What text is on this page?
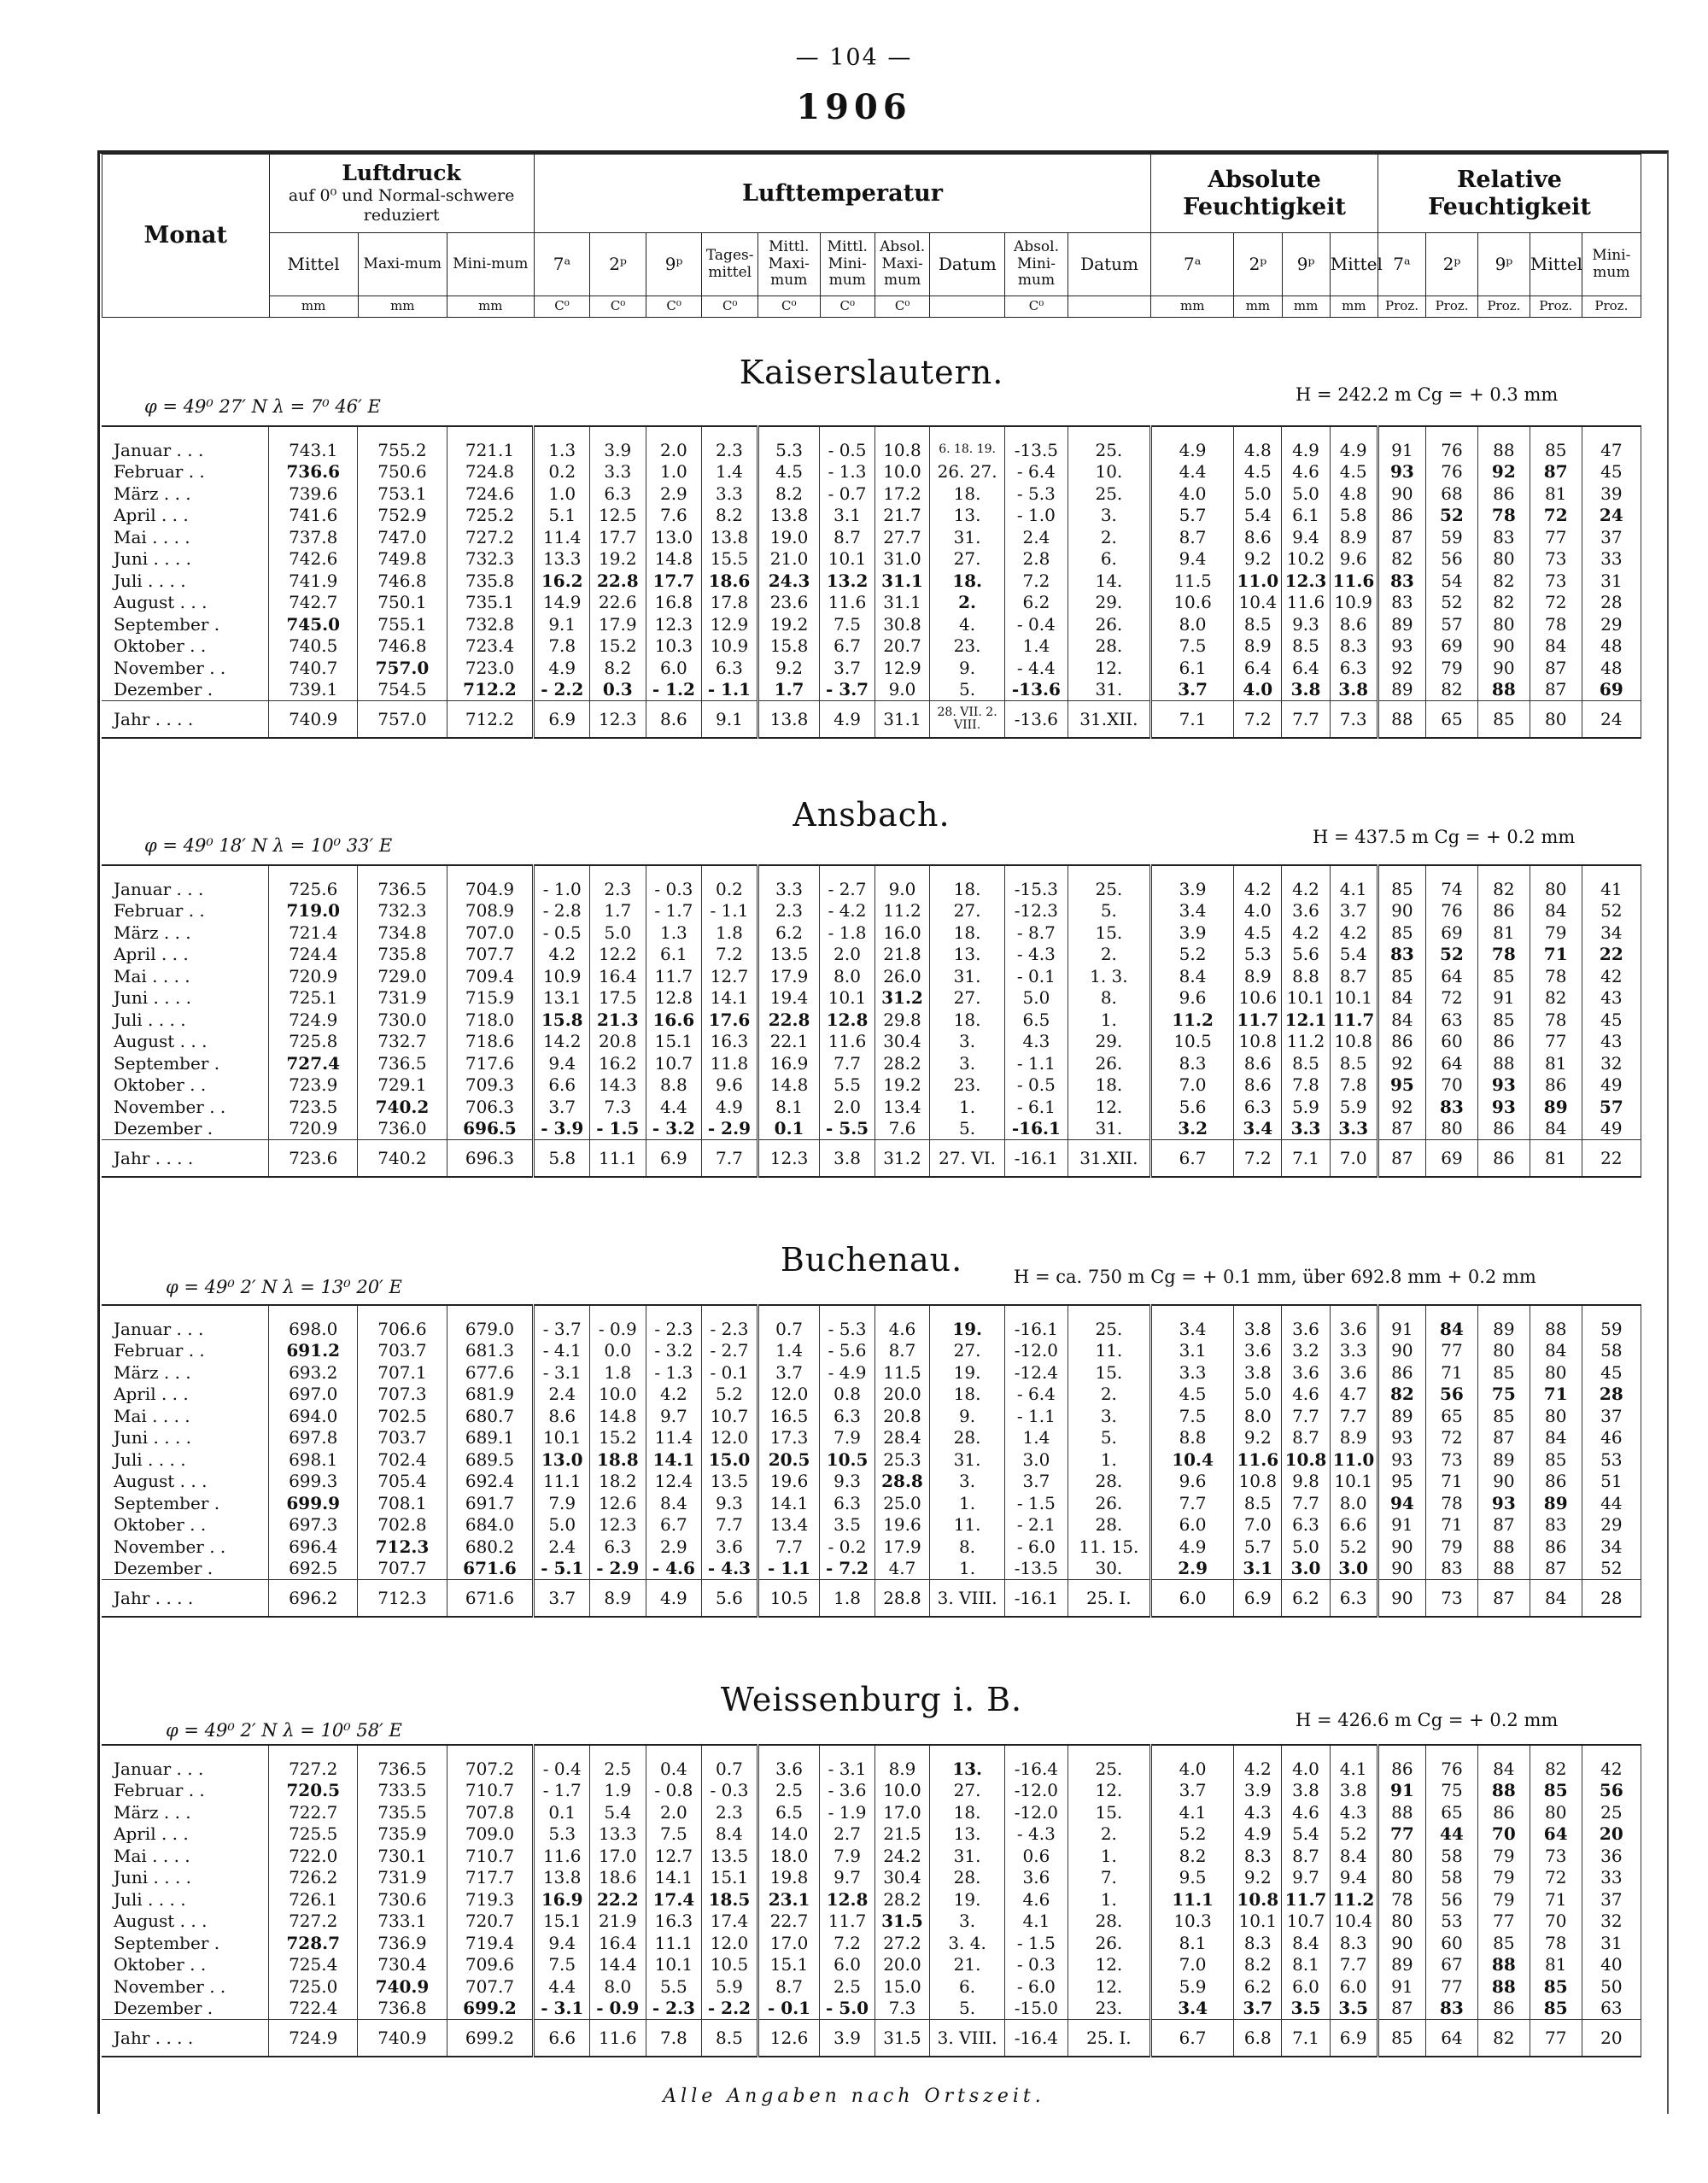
— 104 —
1906
Monat	Luftdruck
auf 0⁰ und Normal-schwere reduziert			Lufttemperatur										Absolute Feuchtigkeit				Relative Feuchtigkeit				
	Mittel	Maxi-mum	Mini-mum	7ᵃ	2ᵖ	9ᵖ	Tages-mittel	Mittl. Maxi-mum	Mittl. Mini-mum	Absol. Maxi-mum	Datum	Absol. Mini-mum	Datum	7ᵃ	2ᵖ	9ᵖ	Mittel	7ᵃ	2ᵖ	9ᵖ	Mittel	Mini-mum
	mm	mm	mm	C⁰	C⁰	C⁰	C⁰	C⁰	C⁰	C⁰		C⁰		mm	mm	mm	mm	Proz.	Proz.	Proz.	Proz.	Proz.
Kaiserslautern.
φ = 49⁰ 27′ N λ = 7⁰ 46′ E
H = 242.2 m Cg = + 0.3 mm
Januar . . .	743.1	755.2	721.1	1.3	3.9	2.0	2.3	5.3	- 0.5	10.8	6. 18. 19.	-13.5	25.	4.9	4.8	4.9	4.9	91	76	88	85	47
Februar . .	736.6	750.6	724.8	0.2	3.3	1.0	1.4	4.5	- 1.3	10.0	26. 27.	- 6.4	10.	4.4	4.5	4.6	4.5	93	76	92	87	45
März . . .	739.6	753.1	724.6	1.0	6.3	2.9	3.3	8.2	- 0.7	17.2	18.	- 5.3	25.	4.0	5.0	5.0	4.8	90	68	86	81	39
April . . .	741.6	752.9	725.2	5.1	12.5	7.6	8.2	13.8	3.1	21.7	13.	- 1.0	3.	5.7	5.4	6.1	5.8	86	52	78	72	24
Mai . . . .	737.8	747.0	727.2	11.4	17.7	13.0	13.8	19.0	8.7	27.7	31.	2.4	2.	8.7	8.6	9.4	8.9	87	59	83	77	37
Juni . . . .	742.6	749.8	732.3	13.3	19.2	14.8	15.5	21.0	10.1	31.0	27.	2.8	6.	9.4	9.2	10.2	9.6	82	56	80	73	33
Juli . . . .	741.9	746.8	735.8	16.2	22.8	17.7	18.6	24.3	13.2	31.1	18.	7.2	14.	11.5	11.0	12.3	11.6	83	54	82	73	31
August . . .	742.7	750.1	735.1	14.9	22.6	16.8	17.8	23.6	11.6	31.1	2.	6.2	29.	10.6	10.4	11.6	10.9	83	52	82	72	28
September .	745.0	755.1	732.8	9.1	17.9	12.3	12.9	19.2	7.5	30.8	4.	- 0.4	26.	8.0	8.5	9.3	8.6	89	57	80	78	29
Oktober . .	740.5	746.8	723.4	7.8	15.2	10.3	10.9	15.8	6.7	20.7	23.	1.4	28.	7.5	8.9	8.5	8.3	93	69	90	84	48
November . .	740.7	757.0	723.0	4.9	8.2	6.0	6.3	9.2	3.7	12.9	9.	- 4.4	12.	6.1	6.4	6.4	6.3	92	79	90	87	48
Dezember .	739.1	754.5	712.2	- 2.2	0.3	- 1.2	- 1.1	1.7	- 3.7	9.0	5.	-13.6	31.	3.7	4.0	3.8	3.8	89	82	88	87	69
Jahr . . . .	740.9	757.0	712.2	6.9	12.3	8.6	9.1	13.8	4.9	31.1	28. VII. 2. VIII.	-13.6	31.XII.	7.1	7.2	7.7	7.3	88	65	85	80	24
Ansbach.
φ = 49⁰ 18′ N λ = 10⁰ 33′ E	H = 437.5 m Cg = + 0.2 mm
Januar . . .	725.6	736.5	704.9	- 1.0	2.3	- 0.3	0.2	3.3	- 2.7	9.0	18.	-15.3	25.	3.9	4.2	4.2	4.1	85	74	82	80	41
Februar . .	719.0	732.3	708.9	- 2.8	1.7	- 1.7	- 1.1	2.3	- 4.2	11.2	27.	-12.3	5.	3.4	4.0	3.6	3.7	90	76	86	84	52
März . . .	721.4	734.8	707.0	- 0.5	5.0	1.3	1.8	6.2	- 1.8	16.0	18.	- 8.7	15.	3.9	4.5	4.2	4.2	85	69	81	79	34
April . . .	724.4	735.8	707.7	4.2	12.2	6.1	7.2	13.5	2.0	21.8	13.	- 4.3	2.	5.2	5.3	5.6	5.4	83	52	78	71	22
Mai . . . .	720.9	729.0	709.4	10.9	16.4	11.7	12.7	17.9	8.0	26.0	31.	- 0.1	1. 3.	8.4	8.9	8.8	8.7	85	64	85	78	42
Juni . . . .	725.1	731.9	715.9	13.1	17.5	12.8	14.1	19.4	10.1	31.2	27.	5.0	8.	9.6	10.6	10.1	10.1	84	72	91	82	43
Juli . . . .	724.9	730.0	718.0	15.8	21.3	16.6	17.6	22.8	12.8	29.8	18.	6.5	1.	11.2	11.7	12.1	11.7	84	63	85	78	45
August . . .	725.8	732.7	718.6	14.2	20.8	15.1	16.3	22.1	11.6	30.4	3.	4.3	29.	10.5	10.8	11.2	10.8	86	60	86	77	43
September .	727.4	736.5	717.6	9.4	16.2	10.7	11.8	16.9	7.7	28.2	3.	- 1.1	26.	8.3	8.6	8.5	8.5	92	64	88	81	32
Oktober . .	723.9	729.1	709.3	6.6	14.3	8.8	9.6	14.8	5.5	19.2	23.	- 0.5	18.	7.0	8.6	7.8	7.8	95	70	93	86	49
November . .	723.5	740.2	706.3	3.7	7.3	4.4	4.9	8.1	2.0	13.4	1.	- 6.1	12.	5.6	6.3	5.9	5.9	92	83	93	89	57
Dezember .	720.9	736.0	696.5	- 3.9	- 1.5	- 3.2	- 2.9	0.1	- 5.5	7.6	5.	-16.1	31.	3.2	3.4	3.3	3.3	87	80	86	84	49
Jahr . . . .	723.6	740.2	696.3	5.8	11.1	6.9	7.7	12.3	3.8	31.2	27. VI.	-16.1	31.XII.	6.7	7.2	7.1	7.0	87	69	86	81	22
Buchenau.
φ = 49⁰ 2′ N λ = 13⁰ 20′ E	H = ca. 750 m Cg = + 0.1 mm, über 692.8 mm + 0.2 mm
Januar . . .	698.0	706.6	679.0	- 3.7	- 0.9	- 2.3	- 2.3	0.7	- 5.3	4.6	19.	-16.1	25.	3.4	3.8	3.6	3.6	91	84	89	88	59
Februar . .	691.2	703.7	681.3	- 4.1	0.0	- 3.2	- 2.7	1.4	- 5.6	8.7	27.	-12.0	11.	3.1	3.6	3.2	3.3	90	77	80	84	58
März . . .	693.2	707.1	677.6	- 3.1	1.8	- 1.3	- 0.1	3.7	- 4.9	11.5	19.	-12.4	15.	3.3	3.8	3.6	3.6	86	71	85	80	45
April . . .	697.0	707.3	681.9	2.4	10.0	4.2	5.2	12.0	0.8	20.0	18.	- 6.4	2.	4.5	5.0	4.6	4.7	82	56	75	71	28
Mai . . . .	694.0	702.5	680.7	8.6	14.8	9.7	10.7	16.5	6.3	20.8	9.	- 1.1	3.	7.5	8.0	7.7	7.7	89	65	85	80	37
Juni . . . .	697.8	703.7	689.1	10.1	15.2	11.4	12.0	17.3	7.9	28.4	28.	1.4	5.	8.8	9.2	8.7	8.9	93	72	87	84	46
Juli . . . .	698.1	702.4	689.5	13.0	18.8	14.1	15.0	20.5	10.5	25.3	31.	3.0	1.	10.4	11.6	10.8	11.0	93	73	89	85	53
August . . .	699.3	705.4	692.4	11.1	18.2	12.4	13.5	19.6	9.3	28.8	3.	3.7	28.	9.6	10.8	9.8	10.1	95	71	90	86	51
September .	699.9	708.1	691.7	7.9	12.6	8.4	9.3	14.1	6.3	25.0	1.	- 1.5	26.	7.7	8.5	7.7	8.0	94	78	93	89	44
Oktober . .	697.3	702.8	684.0	5.0	12.3	6.7	7.7	13.4	3.5	19.6	11.	- 2.1	28.	6.0	7.0	6.3	6.6	91	71	87	83	29
November . .	696.4	712.3	680.2	2.4	6.3	2.9	3.6	7.7	- 0.2	17.9	8.	- 6.0	11. 15.	4.9	5.7	5.0	5.2	90	79	88	86	34
Dezember .	692.5	707.7	671.6	- 5.1	- 2.9	- 4.6	- 4.3	- 1.1	- 7.2	4.7	1.	-13.5	30.	2.9	3.1	3.0	3.0	90	83	88	87	52
Jahr . . . .	696.2	712.3	671.6	3.7	8.9	4.9	5.6	10.5	1.8	28.8	3. VIII.	-16.1	25. I.	6.0	6.9	6.2	6.3	90	73	87	84	28
Weissenburg i. B.
φ = 49⁰ 2′ N λ = 10⁰ 58′ E	H = 426.6 m Cg = + 0.2 mm
Januar . . .	727.2	736.5	707.2	- 0.4	2.5	0.4	0.7	3.6	- 3.1	8.9	13.	-16.4	25.	4.0	4.2	4.0	4.1	86	76	84	82	42
Februar . .	720.5	733.5	710.7	- 1.7	1.9	- 0.8	- 0.3	2.5	- 3.6	10.0	27.	-12.0	12.	3.7	3.9	3.8	3.8	91	75	88	85	56
März . . .	722.7	735.5	707.8	0.1	5.4	2.0	2.3	6.5	- 1.9	17.0	18.	-12.0	15.	4.1	4.3	4.6	4.3	88	65	86	80	25
April . . .	725.5	735.9	709.0	5.3	13.3	7.5	8.4	14.0	2.7	21.5	13.	- 4.3	2.	5.2	4.9	5.4	5.2	77	44	70	64	20
Mai . . . .	722.0	730.1	710.7	11.6	17.0	12.7	13.5	18.0	7.9	24.2	31.	0.6	1.	8.2	8.3	8.7	8.4	80	58	79	73	36
Juni . . . .	726.2	731.9	717.7	13.8	18.6	14.1	15.1	19.8	9.7	30.4	28.	3.6	7.	9.5	9.2	9.7	9.4	80	58	79	72	33
Juli . . . .	726.1	730.6	719.3	16.9	22.2	17.4	18.5	23.1	12.8	28.2	19.	4.6	1.	11.1	10.8	11.7	11.2	78	56	79	71	37
August . . .	727.2	733.1	720.7	15.1	21.9	16.3	17.4	22.7	11.7	31.5	3.	4.1	28.	10.3	10.1	10.7	10.4	80	53	77	70	32
September .	728.7	736.9	719.4	9.4	16.4	11.1	12.0	17.0	7.2	27.2	3. 4.	- 1.5	26.	8.1	8.3	8.4	8.3	90	60	85	78	31
Oktober . .	725.4	730.4	709.6	7.5	14.4	10.1	10.5	15.1	6.0	20.0	21.	- 0.3	12.	7.0	8.2	8.1	7.7	89	67	88	81	40
November . .	725.0	740.9	707.7	4.4	8.0	5.5	5.9	8.7	2.5	15.0	6.	- 6.0	12.	5.9	6.2	6.0	6.0	91	77	88	85	50
Dezember .	722.4	736.8	699.2	- 3.1	- 0.9	- 2.3	- 2.2	- 0.1	- 5.0	7.3	5.	-15.0	23.	3.4	3.7	3.5	3.5	87	83	86	85	63
Jahr . . . .	724.9	740.9	699.2	6.6	11.6	7.8	8.5	12.6	3.9	31.5	3. VIII.	-16.4	25. I.	6.7	6.8	7.1	6.9	85	64	82	77	20
Alle Angaben nach Ortszeit.
